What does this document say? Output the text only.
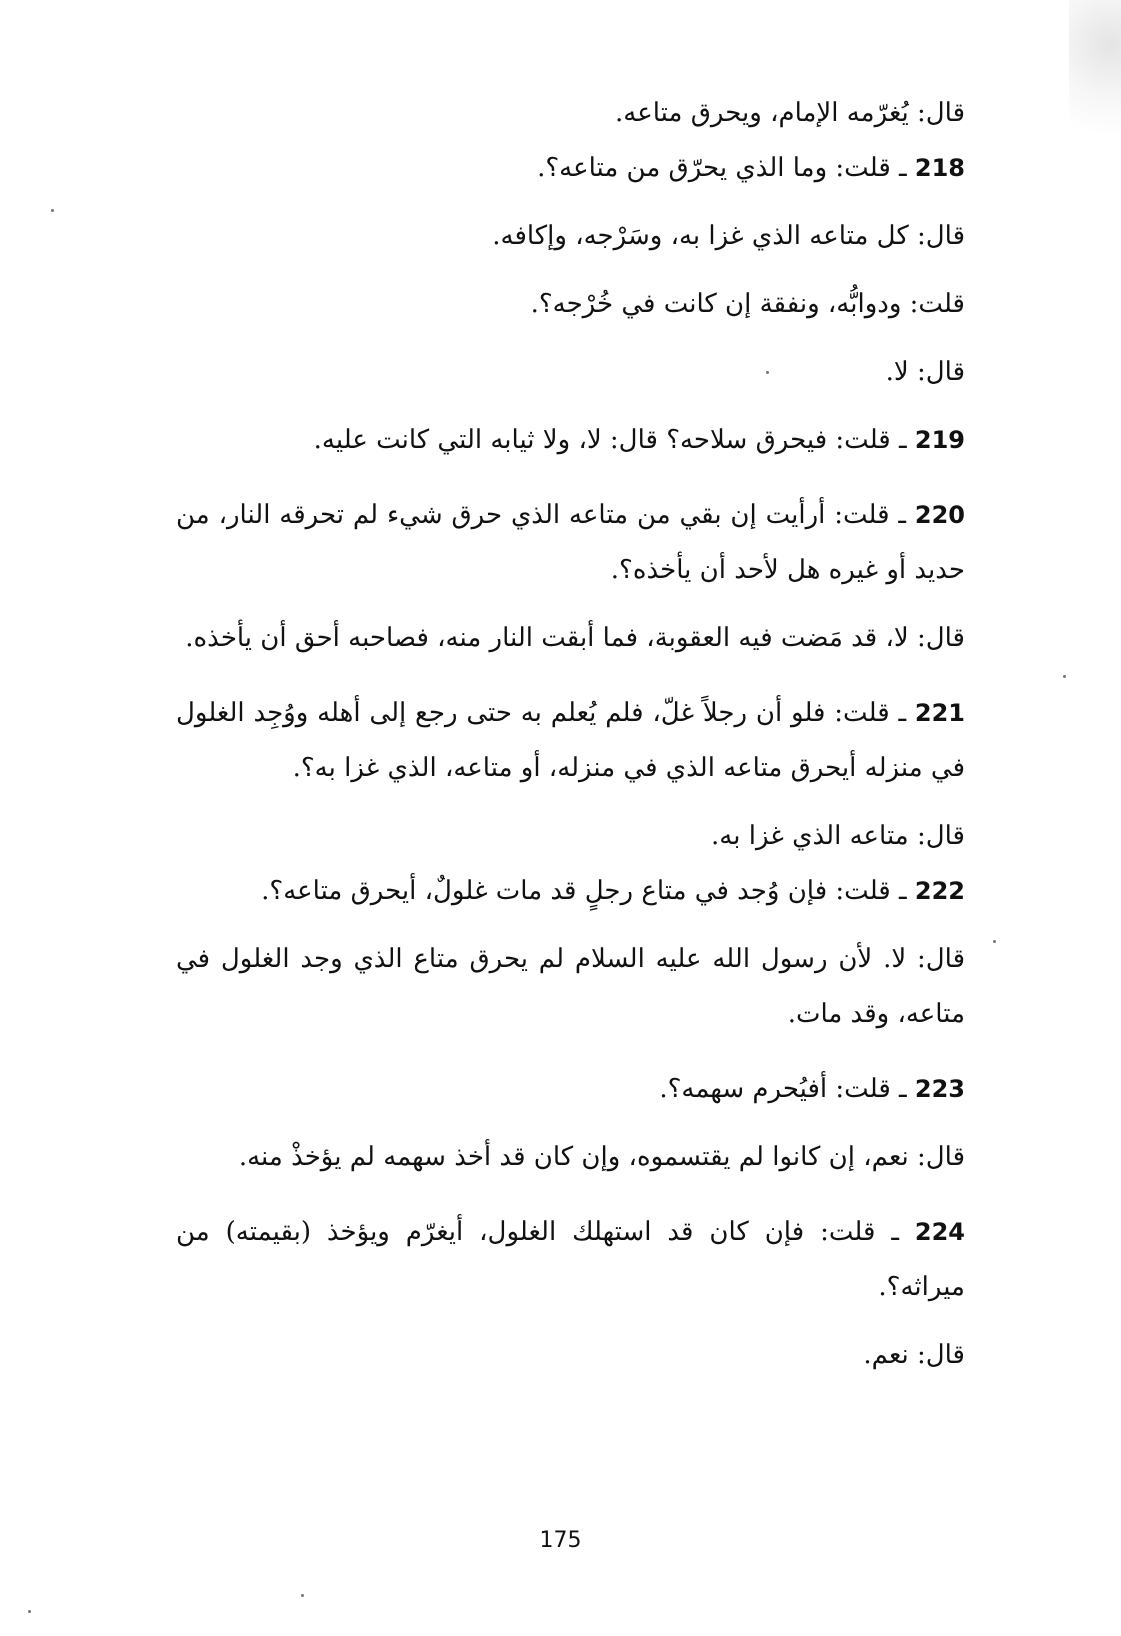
قال: يُغرّمه الإمام، ويحرق متاعه.

218 ـ قلت: وما الذي يحرّق من متاعه؟.

قال: كل متاعه الذي غزا به، وسَرْجه، وإكافه.

قلت: ودوابُّه، ونفقة إن كانت في خُرْجه؟.

قال: لا.

219 ـ قلت: فيحرق سلاحه؟ قال: لا، ولا ثيابه التي كانت عليه.

220 ـ قلت: أرأيت إن بقي من متاعه الذي حرق شيء لم تحرقه النار، من حديد أو غيره هل لأحد أن يأخذه؟.

قال: لا، قد مَضت فيه العقوبة، فما أبقت النار منه، فصاحبه أحق أن يأخذه.

221 ـ قلت: فلو أن رجلاً غلّ، فلم يُعلم به حتى رجع إلى أهله ووُجِد الغلول في منزله أيحرق متاعه الذي في منزله، أو متاعه، الذي غزا به؟.

قال: متاعه الذي غزا به.

222 ـ قلت: فإن وُجد في متاع رجلٍ قد مات غلولٌ، أيحرق متاعه؟.

قال: لا. لأن رسول الله عليه السلام لم يحرق متاع الذي وجد الغلول في متاعه، وقد مات.

223 ـ قلت: أفيُحرم سهمه؟.

قال: نعم، إن كانوا لم يقتسموه، وإن كان قد أخذ سهمه لم يؤخذْ منه.

224 ـ قلت: فإن كان قد استهلك الغلول، أيغرّم ويؤخذ (بقيمته) من ميراثه؟.

قال: نعم.

175
